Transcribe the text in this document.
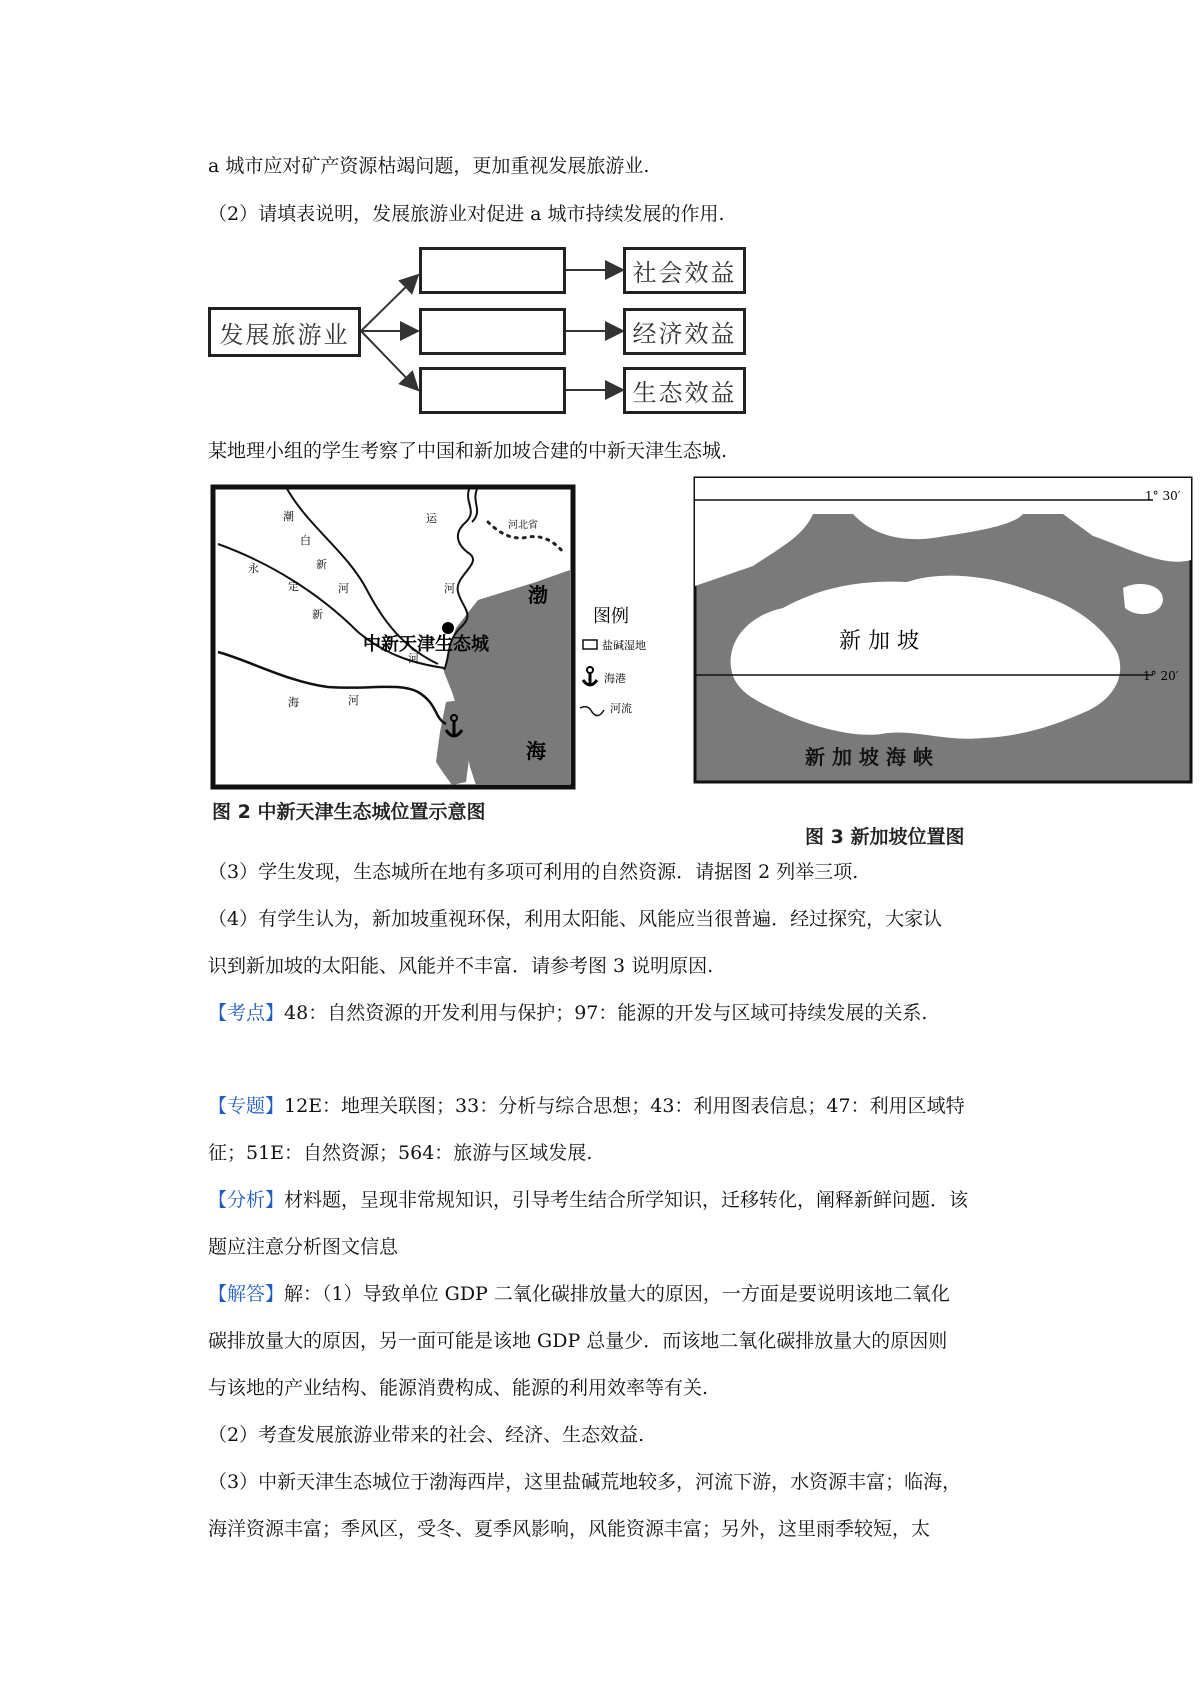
a 城市应对矿产资源枯竭问题，更加重视发展旅游业.
（2）请填表说明，发展旅游业对促进 a 城市持续发展的作用.
发展旅游业
社会效益
经济效益
生态效益
某地理小组的学生考察了中国和新加坡合建的中新天津生态城.
中新天津生态城
河北省
渤
海
潮
白
新
河
永
定
新
河
运
河
海	河
图例
盐碱湿地
海港
河流
图 2 中新天津生态城位置示意图
1° 30′
1° 20′
新 加 坡
新 加 坡 海 峡
图 3 新加坡位置图
（3）学生发现，生态城所在地有多项可利用的自然资源．请据图 2 列举三项.
（4）有学生认为，新加坡重视环保，利用太阳能、风能应当很普遍．经过探究，大家认
识到新加坡的太阳能、风能并不丰富．请参考图 3 说明原因.
【考点】48：自然资源的开发利用与保护；97：能源的开发与区域可持续发展的关系.
【专题】12E：地理关联图；33：分析与综合思想；43：利用图表信息；47：利用区域特
征；51E：自然资源；564：旅游与区域发展.
【分析】材料题，呈现非常规知识，引导考生结合所学知识，迁移转化，阐释新鲜问题．该
题应注意分析图文信息
【解答】解：（1）导致单位 GDP 二氧化碳排放量大的原因，一方面是要说明该地二氧化
碳排放量大的原因，另一面可能是该地 GDP 总量少．而该地二氧化碳排放量大的原因则
与该地的产业结构、能源消费构成、能源的利用效率等有关.
（2）考查发展旅游业带来的社会、经济、生态效益.
（3）中新天津生态城位于渤海西岸，这里盐碱荒地较多，河流下游，水资源丰富；临海，
海洋资源丰富；季风区，受冬、夏季风影响，风能资源丰富；另外，这里雨季较短，太
